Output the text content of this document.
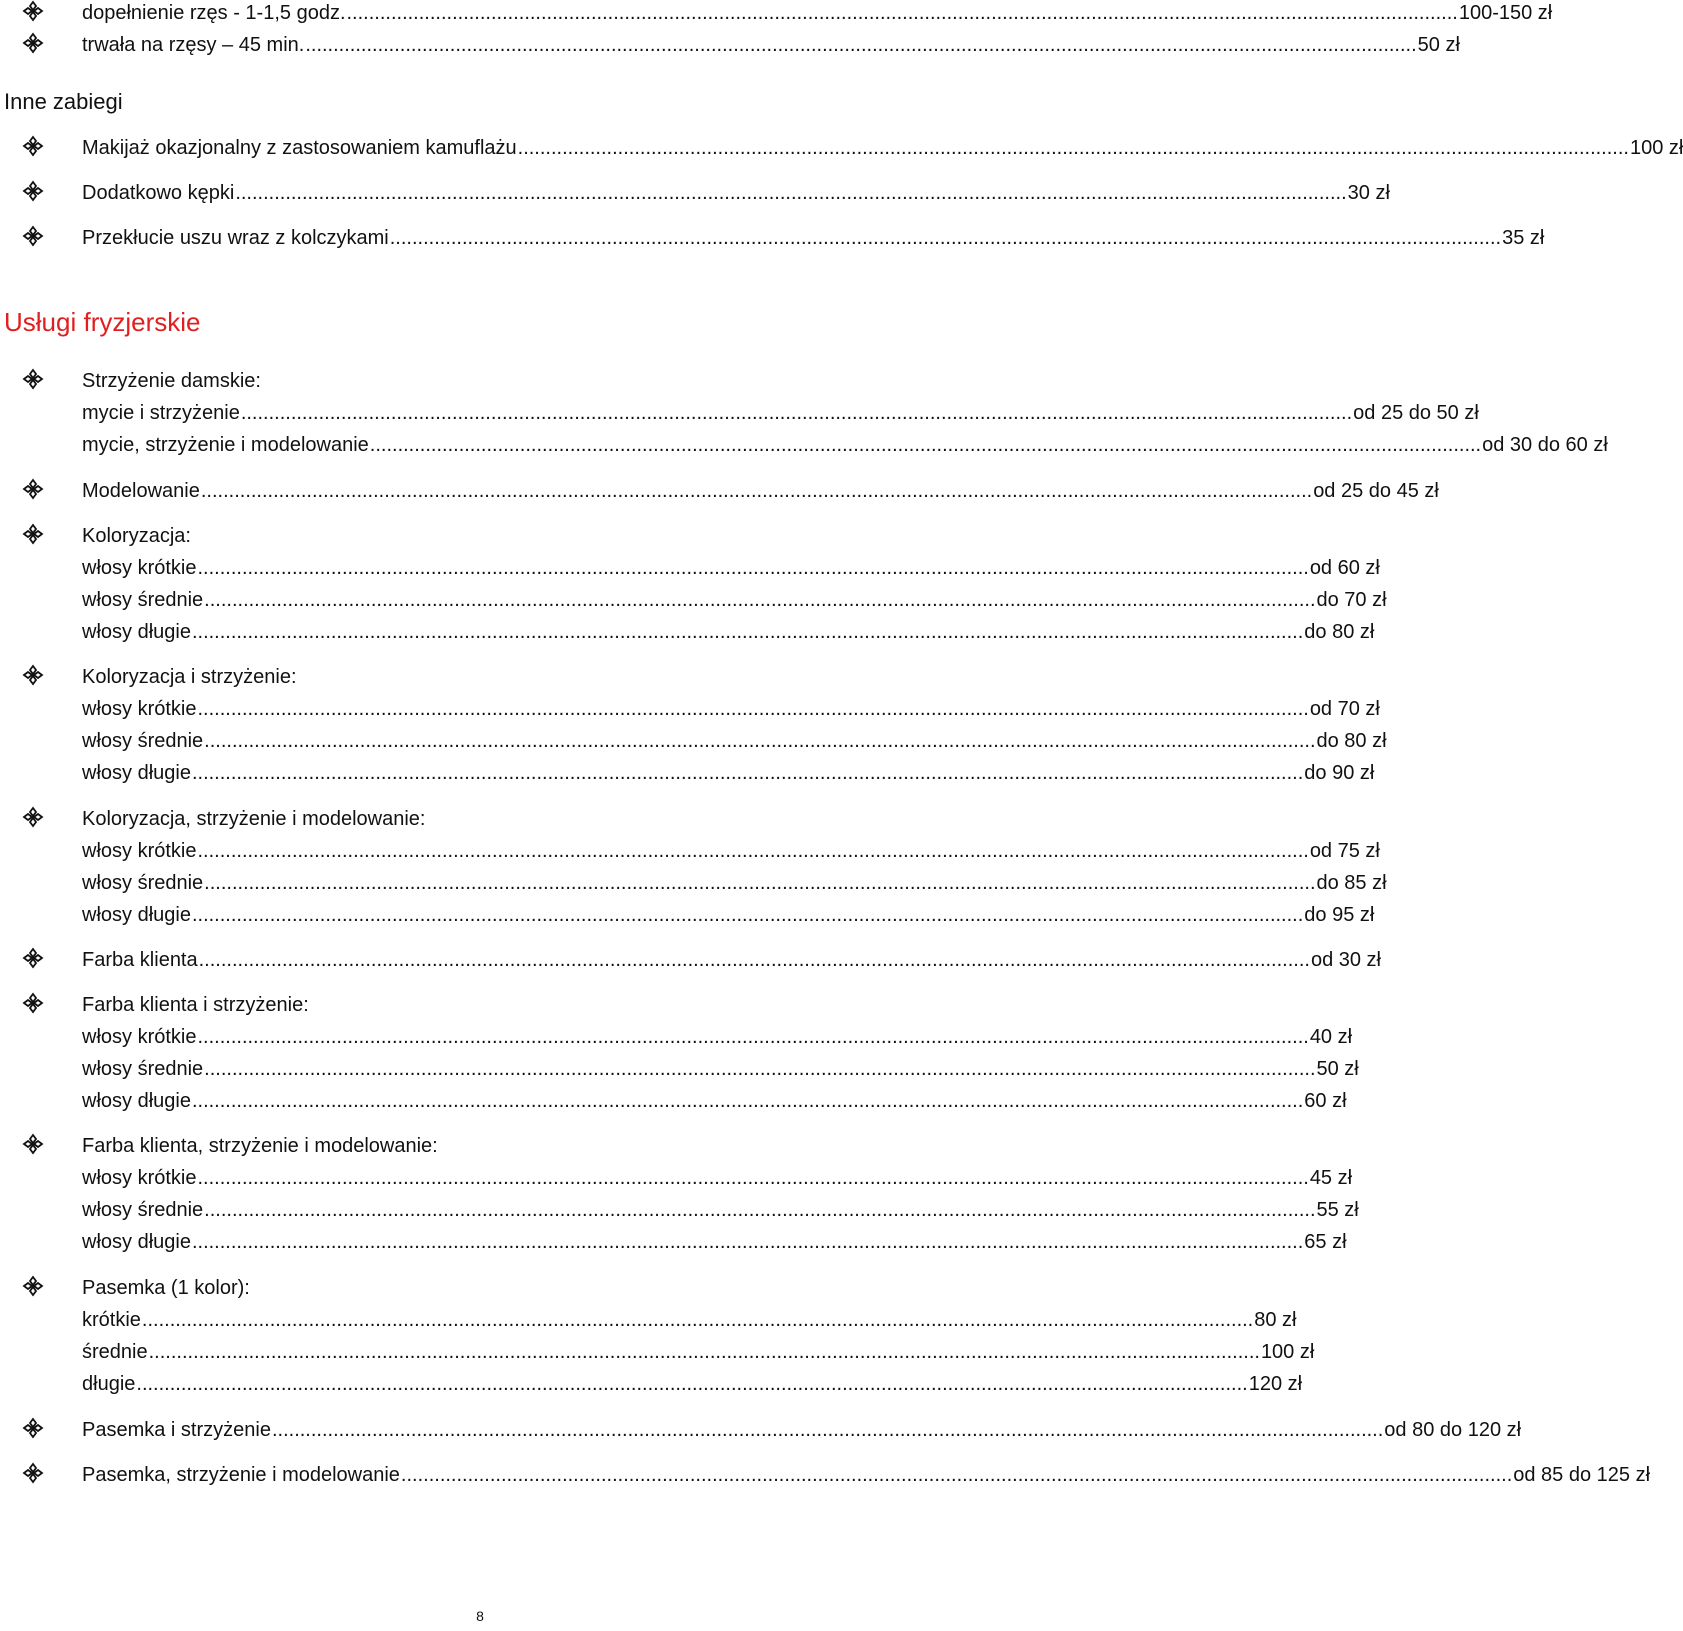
dopełnienie rzęs - 1-1,5 godz. ........................................................................................................................................................................................................ 100-150 zł
trwała na rzęsy – 45 min. ........................................................................................................................................................................................................ 50 zł
Inne zabiegi
Makijaż okazjonalny z zastosowaniem kamuflażu ........................................................................................................................................................................................................ 100 zł
Dodatkowo kępki ........................................................................................................................................................................................................ 30 zł
Przekłucie uszu wraz z kolczykami ........................................................................................................................................................................................................ 35 zł
Usługi fryzjerskie
Strzyżenie damskie:
mycie i strzyżenie ........................................................................................................................................................................................................ od 25 do 50 zł
mycie, strzyżenie i modelowanie ........................................................................................................................................................................................................ od 30 do 60 zł
Modelowanie ........................................................................................................................................................................................................ od 25 do 45 zł
Koloryzacja:
włosy krótkie ........................................................................................................................................................................................................ od 60 zł
włosy średnie ........................................................................................................................................................................................................ do 70 zł
włosy długie ........................................................................................................................................................................................................ do 80 zł
Koloryzacja i strzyżenie:
włosy krótkie ........................................................................................................................................................................................................ od 70 zł
włosy średnie ........................................................................................................................................................................................................ do 80 zł
włosy długie ........................................................................................................................................................................................................ do 90 zł
Koloryzacja, strzyżenie i modelowanie:
włosy krótkie ........................................................................................................................................................................................................ od 75 zł
włosy średnie ........................................................................................................................................................................................................ do 85 zł
włosy długie ........................................................................................................................................................................................................ do 95 zł
Farba klienta ........................................................................................................................................................................................................ od 30 zł
Farba klienta i strzyżenie:
włosy krótkie ........................................................................................................................................................................................................ 40 zł
włosy średnie ........................................................................................................................................................................................................ 50 zł
włosy długie ........................................................................................................................................................................................................ 60 zł
Farba klienta, strzyżenie i modelowanie:
włosy krótkie ........................................................................................................................................................................................................ 45 zł
włosy średnie ........................................................................................................................................................................................................ 55 zł
włosy długie ........................................................................................................................................................................................................ 65 zł
Pasemka (1 kolor):
krótkie ........................................................................................................................................................................................................ 80 zł
średnie ........................................................................................................................................................................................................ 100 zł
długie ........................................................................................................................................................................................................ 120 zł
Pasemka i strzyżenie ........................................................................................................................................................................................................ od 80 do 120 zł
Pasemka, strzyżenie i modelowanie ........................................................................................................................................................................................................ od 85 do 125 zł
8
